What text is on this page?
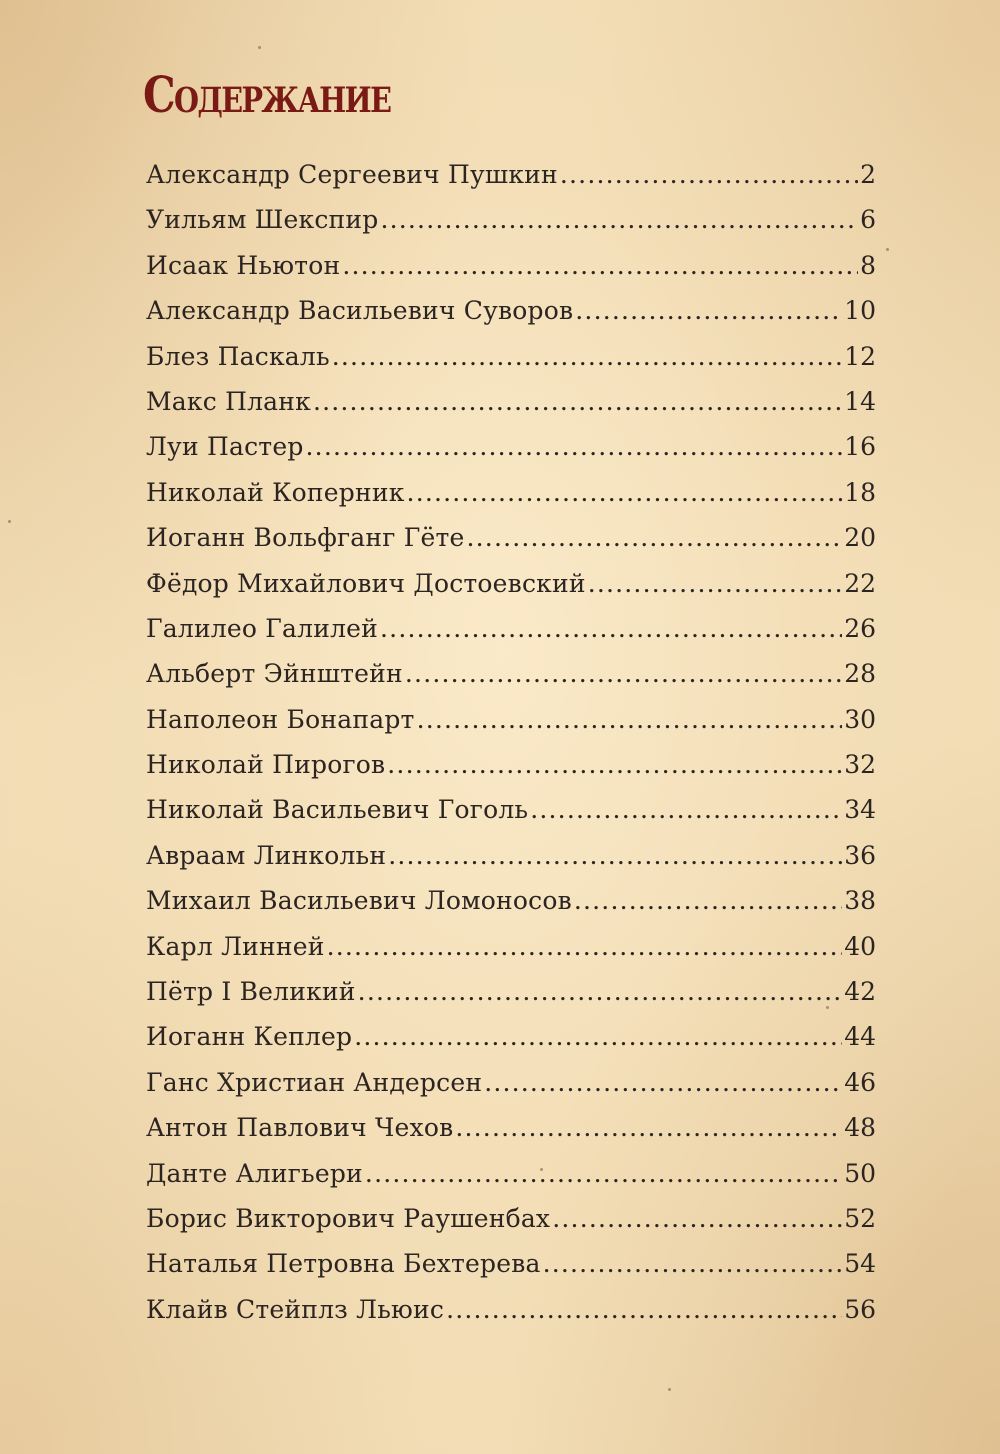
Содержание
Александр Сергеевич Пушкин .....	2
Уильям Шекспир .....	6
Исаак Ньютон .....	8
Александр Васильевич Суворов .....	10
Блез Паскаль .....	12
Макс Планк .....	14
Луи Пастер .....	16
Николай Коперник .....	18
Иоганн Вольфганг Гёте .....	20
Фёдор Михайлович Достоевский .....	22
Галилео Галилей .....	26
Альберт Эйнштейн .....	28
Наполеон Бонапарт .....	30
Николай Пирогов .....	32
Николай Васильевич Гоголь .....	34
Авраам Линкольн .....	36
Михаил Васильевич Ломоносов .....	38
Карл Линней .....	40
Пётр I Великий .....	42
Иоганн Кеплер .....	44
Ганс Христиан Андерсен .....	46
Антон Павлович Чехов .....	48
Данте Алигьери .....	50
Борис Викторович Раушенбах .....	52
Наталья Петровна Бехтерева .....	54
Клайв Стейплз Льюис .....	56
